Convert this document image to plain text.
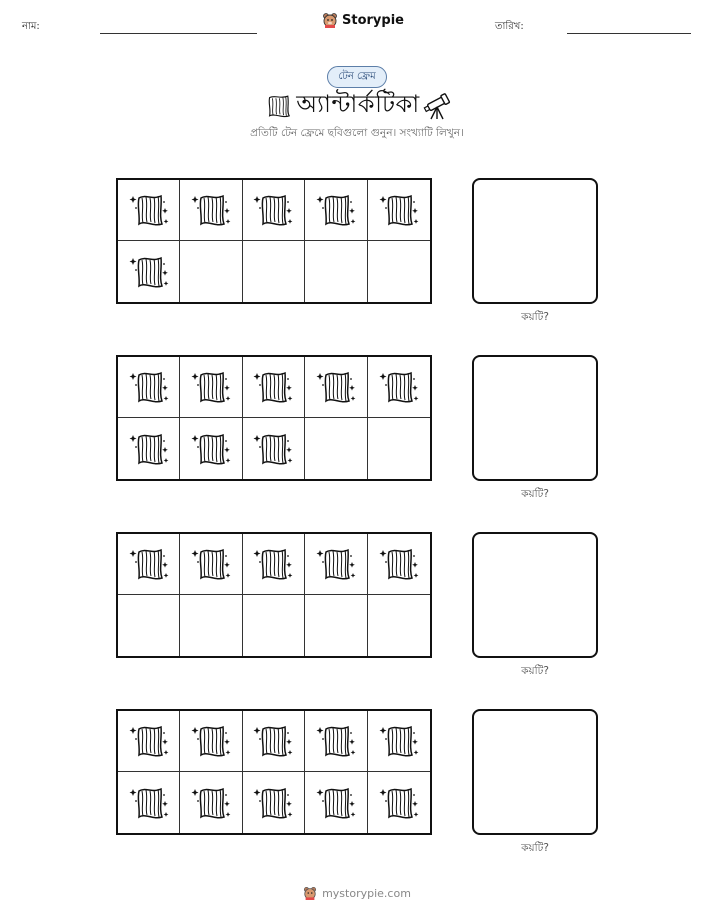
নাম:	Storypie	তারিখ:
টেন ফ্রেম
অ্যান্টার্কটিকা
প্রতিটি টেন ফ্রেমে ছবিগুলো গুনুন। সংখ্যাটি লিখুন।
কয়টি?
কয়টি?
কয়টি?
কয়টি?
mystorypie.com
